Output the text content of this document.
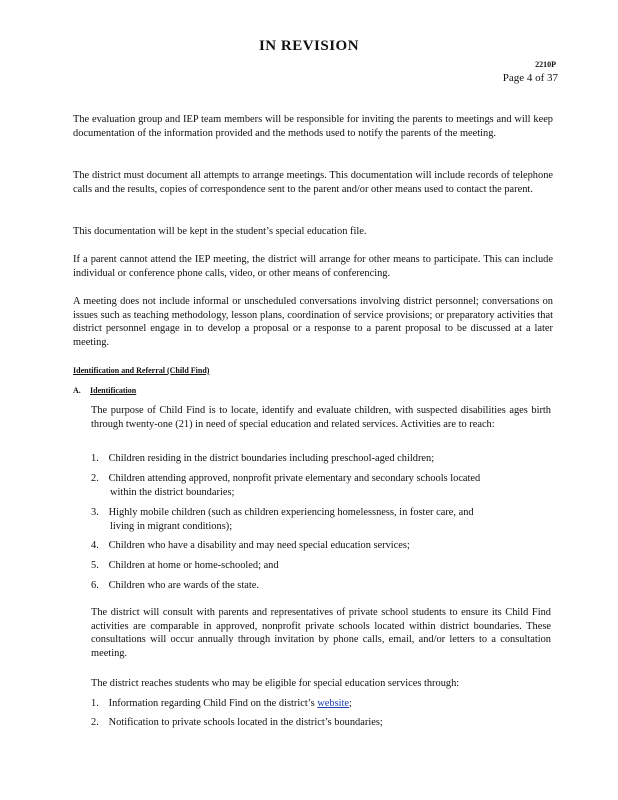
IN REVISION
2210P
Page 4 of 37

The evaluation group and IEP team members will be responsible for inviting the parents to meetings and will keep documentation of the information provided and the methods used to notify the parents of the meeting.

The district must document all attempts to arrange meetings. This documentation will include records of telephone calls and the results, copies of correspondence sent to the parent and/or other means used to contact the parent.

This documentation will be kept in the student’s special education file.

If a parent cannot attend the IEP meeting, the district will arrange for other means to participate. This can include individual or conference phone calls, video, or other means of conferencing.

A meeting does not include informal or unscheduled conversations involving district personnel; conversations on issues such as teaching methodology, lesson plans, coordination of service provisions; or preparatory activities that district personnel engage in to develop a proposal or a response to a parent proposal to be discussed at a later meeting.

Identification and Referral (Child Find)
A. Identification

The purpose of Child Find is to locate, identify and evaluate children, with suspected disabilities ages birth through twenty-one (21) in need of special education and related services. Activities are to reach:

1. Children residing in the district boundaries including preschool-aged children;
2. Children attending approved, nonprofit private elementary and secondary schools located
within the district boundaries;
3. Highly mobile children (such as children experiencing homelessness, in foster care, and
living in migrant conditions);
4. Children who have a disability and may need special education services;
5. Children at home or home-schooled; and
6. Children who are wards of the state.

The district will consult with parents and representatives of private school students to ensure its Child Find activities are comparable in approved, nonprofit private schools located within district boundaries. These consultations will occur annually through invitation by phone calls, email, and/or letters to a consultation meeting.

The district reaches students who may be eligible for special education services through:

1. Information regarding Child Find on the district’s website;
2. Notification to private schools located in the district’s boundaries;
